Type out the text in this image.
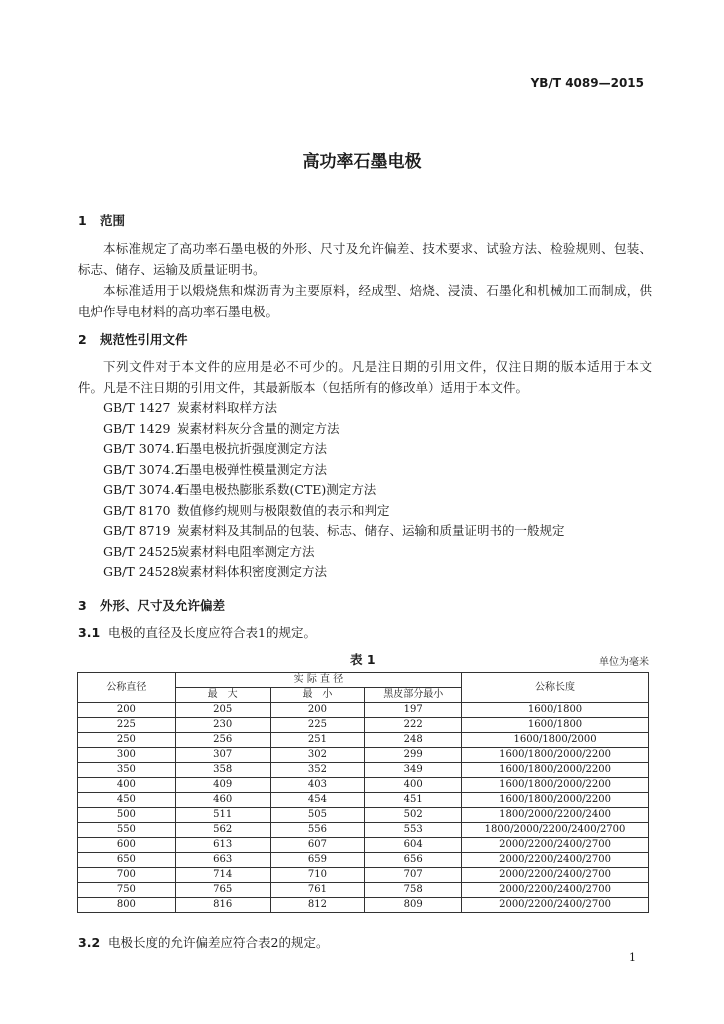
YB/T 4089—2015
高功率石墨电极
1 范围
本标准规定了高功率石墨电极的外形、尺寸及允许偏差、技术要求、试验方法、检验规则、包装、标志、储存、运输及质量证明书。
本标准适用于以煅烧焦和煤沥青为主要原料，经成型、焙烧、浸渍、石墨化和机械加工而制成，供电炉作导电材料的高功率石墨电极。
2 规范性引用文件
下列文件对于本文件的应用是必不可少的。凡是注日期的引用文件，仅注日期的版本适用于本文件。凡是不注日期的引用文件，其最新版本（包括所有的修改单）适用于本文件。
GB/T 1427 炭素材料取样方法
GB/T 1429 炭素材料灰分含量的测定方法
GB/T 3074.1石墨电极抗折强度测定方法
GB/T 3074.2石墨电极弹性模量测定方法
GB/T 3074.4石墨电极热膨胀系数(CTE)测定方法
GB/T 8170 数值修约规则与极限数值的表示和判定
GB/T 8719 炭素材料及其制品的包装、标志、储存、运输和质量证明书的一般规定
GB/T 24525炭素材料电阻率测定方法
GB/T 24528炭素材料体积密度测定方法
3 外形、尺寸及允许偏差
3.1 电极的直径及长度应符合表1的规定。
表 1	单位为毫米
公称直径	实 际 直 径			公称长度
	最　大	最　小	黑皮部分最小	
200	205	200	197	1600/1800
225	230	225	222	1600/1800
250	256	251	248	1600/1800/2000
300	307	302	299	1600/1800/2000/2200
350	358	352	349	1600/1800/2000/2200
400	409	403	400	1600/1800/2000/2200
450	460	454	451	1600/1800/2000/2200
500	511	505	502	1800/2000/2200/2400
550	562	556	553	1800/2000/2200/2400/2700
600	613	607	604	2000/2200/2400/2700
650	663	659	656	2000/2200/2400/2700
700	714	710	707	2000/2200/2400/2700
750	765	761	758	2000/2200/2400/2700
800	816	812	809	2000/2200/2400/2700
3.2 电极长度的允许偏差应符合表2的规定。
1
